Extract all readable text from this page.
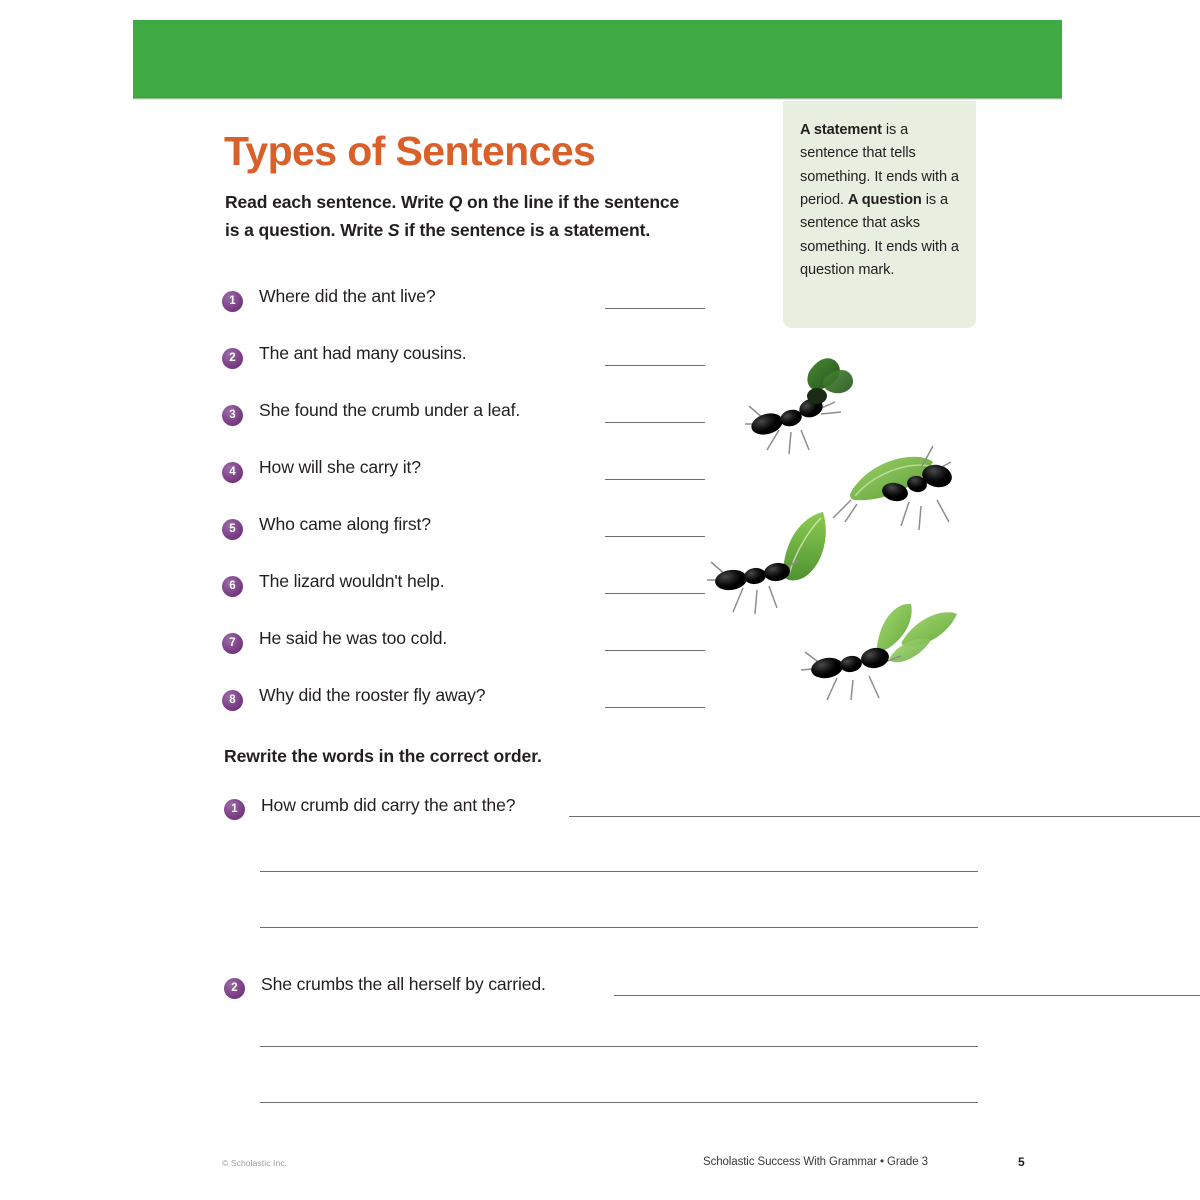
Practice
Types of Sentences
Read each sentence. Write Q on the line if the sentence is a question. Write S if the sentence is a statement.

A statement is a sentence that tells something. It ends with a period. A question is a sentence that asks something. It ends with a question mark.

1	Where did the ant live?
2	The ant had many cousins.
3	She found the crumb under a leaf.
4	How will she carry it?
5	Who came along first?
6	The lizard wouldn't help.
7	He said he was too cold.
8	Why did the rooster fly away?
Rewrite the words in the correct order.
1	How crumb did carry the ant the?
2	She crumbs the all herself by carried.
© Scholastic Inc.	Scholastic Success With Grammar • Grade 3	5
